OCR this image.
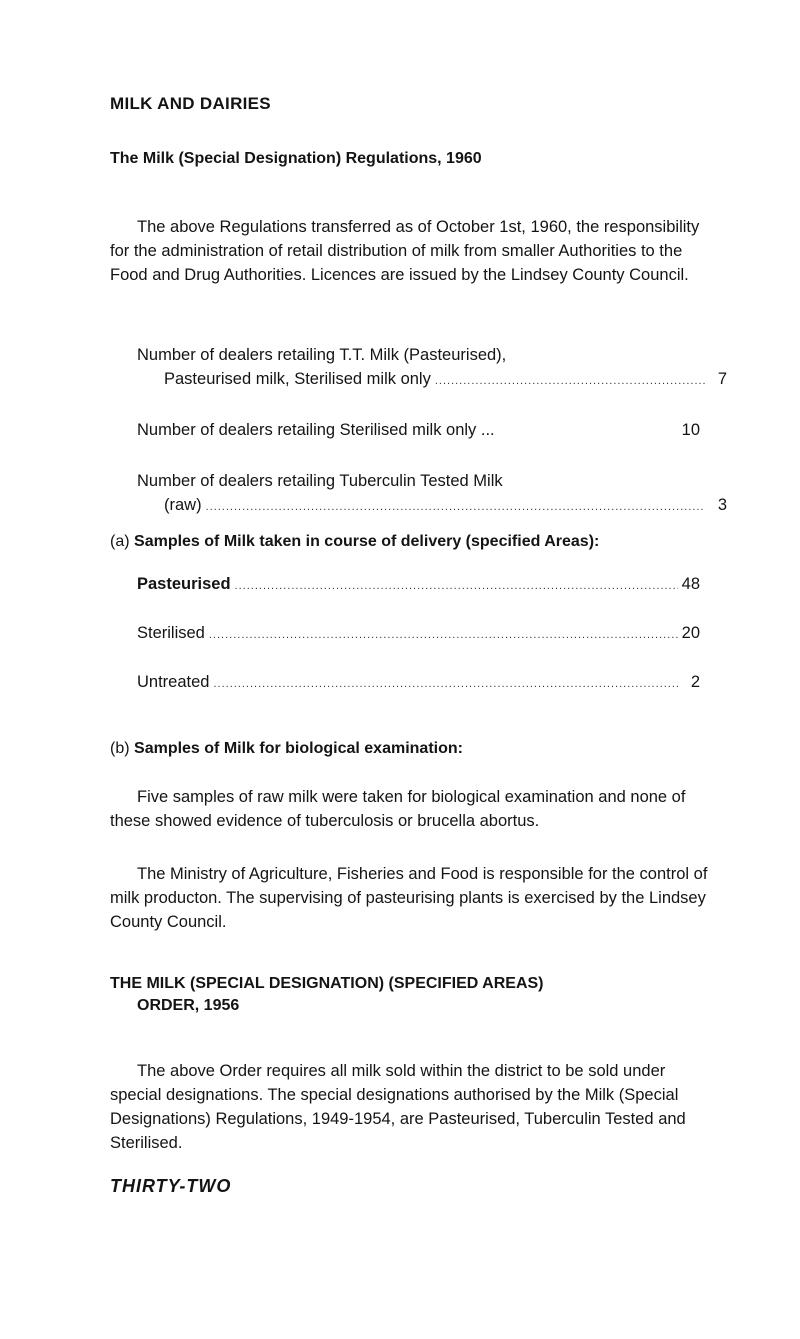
MILK AND DAIRIES
The Milk (Special Designation) Regulations, 1960

The above Regulations transferred as of October 1st, 1960, the responsibility for the administration of retail distribution of milk from smaller Authorities to the Food and Drug Authorities. Licences are issued by the Lindsey County Council.

Number of dealers retailing T.T. Milk (Pasteurised),
Pasteurised milk, Sterilised milk only .....	7
Number of dealers retailing Sterilised milk only ...	10
Number of dealers retailing Tuberculin Tested Milk
(raw) .....	3
(a) Samples of Milk taken in course of delivery (specified Areas):
Pasteurised .....	48
Sterilised .....	20
Untreated .....	2
(b) Samples of Milk for biological examination:

Five samples of raw milk were taken for biological examination and none of these showed evidence of tuberculosis or brucella abortus.

The Ministry of Agriculture, Fisheries and Food is responsible for the control of milk producton. The supervising of pasteurising plants is exercised by the Lindsey County Council.

THE MILK (SPECIAL DESIGNATION) (SPECIFIED AREAS)
ORDER, 1956

The above Order requires all milk sold within the district to be sold under special designations. The special designations authorised by the Milk (Special Designations) Regulations, 1949-1954, are Pasteurised, Tuberculin Tested and Sterilised.

THIRTY-TWO
